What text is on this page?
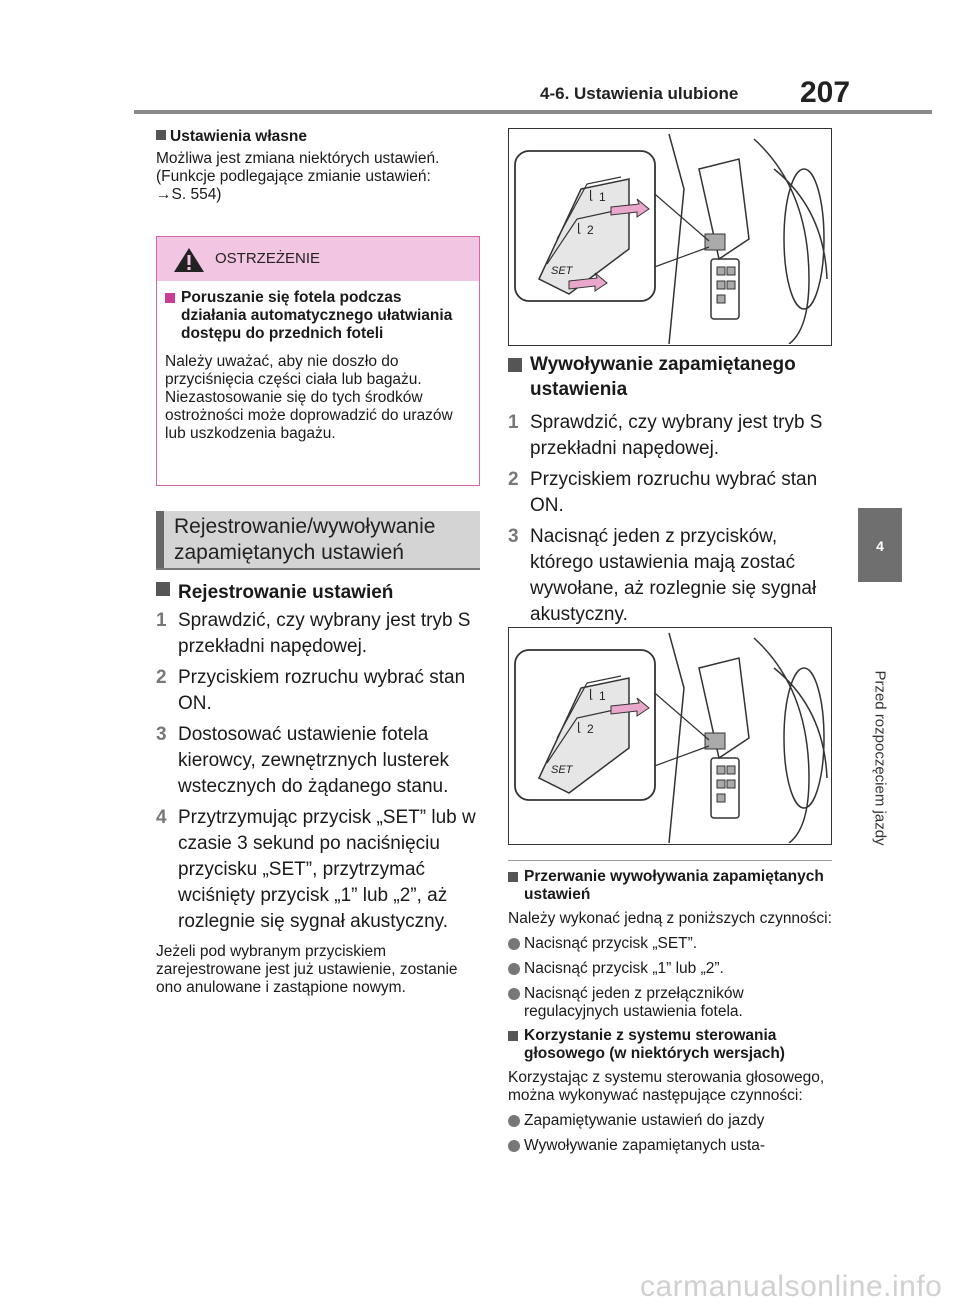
4-6. Ustawienia ulubione 207
4
Przed rozpoczęciem jazdy
Ustawienia własne
Możliwa jest zmiana niektórych ustawień. (Funkcje podlegające zmianie ustawień: →S. 554)
OSTRZEŻENIE
Poruszanie się fotela podczas działania automatycznego ułatwiania dostępu do przednich foteli
Należy uważać, aby nie doszło do przyciśnięcia części ciała lub bagażu. Niezastosowanie się do tych środków ostrożności może doprowadzić do urazów lub uszkodzenia bagażu.
Rejestrowanie/wywoływanie zapamiętanych ustawień
Rejestrowanie ustawień
1 Sprawdzić, czy wybrany jest tryb S przekładni napędowej.
2 Przyciskiem rozruchu wybrać stan ON.
3 Dostosować ustawienie fotela kierowcy, zewnętrznych lusterek wstecznych do żądanego stanu.
4 Przytrzymując przycisk „SET” lub w czasie 3 sekund po naciśnięciu przycisku „SET”, przytrzymać wciśnięty przycisk „1” lub „2”, aż rozlegnie się sygnał akustyczny.
Jeżeli pod wybranym przyciskiem zarejestrowane jest już ustawienie, zostanie ono anulowane i zastąpione nowym.
⌊ 1
⌊ 2
SET
Wywoływanie zapamiętanego ustawienia
1 Sprawdzić, czy wybrany jest tryb S przekładni napędowej.
2 Przyciskiem rozruchu wybrać stan ON.
3 Nacisnąć jeden z przycisków, którego ustawienia mają zostać wywołane, aż rozlegnie się sygnał akustyczny.
⌊ 1
⌊ 2
SET
Przerwanie wywoływania zapamiętanych ustawień
Należy wykonać jedną z poniższych czynności:
Nacisnąć przycisk „SET”.
Nacisnąć przycisk „1” lub „2”.
Nacisnąć jeden z przełączników regulacyjnych ustawienia fotela.
Korzystanie z systemu sterowania głosowego (w niektórych wersjach)
Korzystając z systemu sterowania głosowego, można wykonywać następujące czynności:
Zapamiętywanie ustawień do jazdy
Wywoływanie zapamiętanych usta-
carmanualsonline.info
